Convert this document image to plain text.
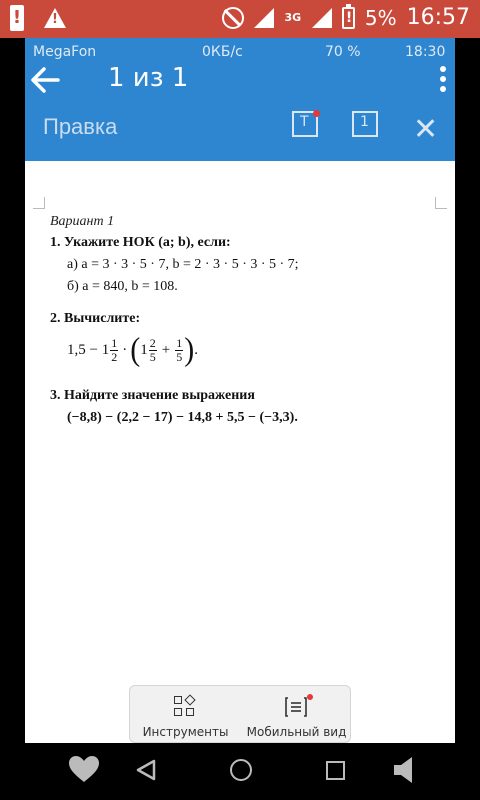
! !	3G	! 5% 16:57
MegaFon	0КБ/с	70 %	18:30
Правка	T	1 ✕
Вариант 1
1. Укажите НОК (a; b), если:
а) a = 3 · 3 · 5 · 7, b = 2 · 3 · 5 · 3 · 5 · 7;
б) a = 840, b = 108.
2. Вычислите:
$1,5 - 1 \frac{1}{2}$ · ( $1 \frac{2}{5} + \frac{1}{5}$ ) .
3. Найдите значение выражения
(−8,8) − (2,2 − 17) − 14,8 + 5,5 − (−3,3).
Инструменты	Мобильный вид
1 из 1
